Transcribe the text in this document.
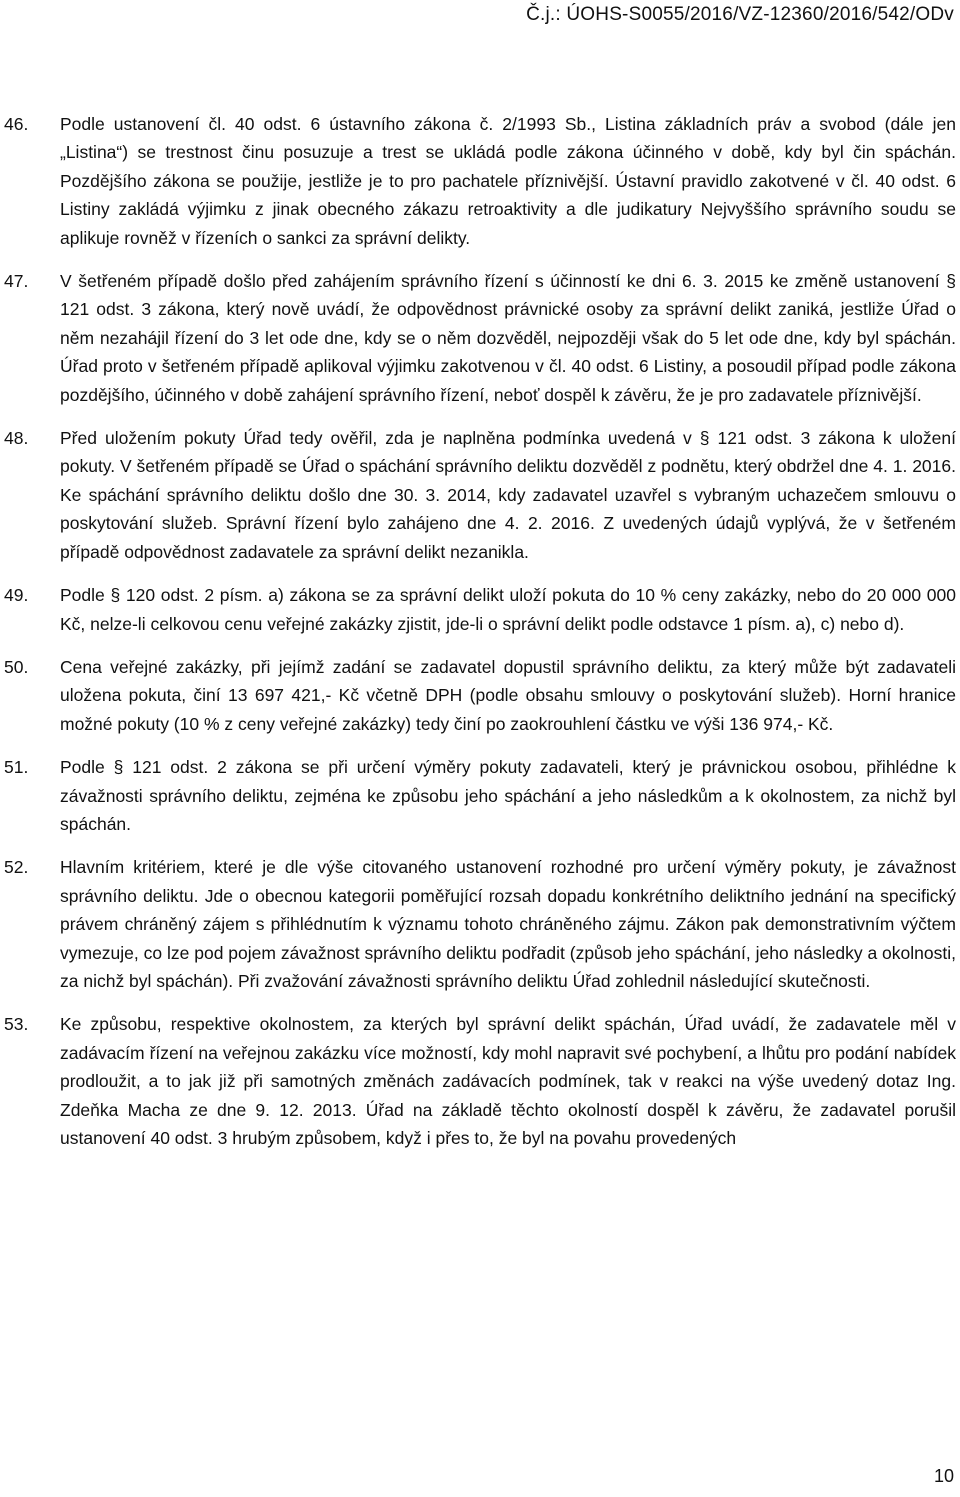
Č.j.: ÚOHS-S0055/2016/VZ-12360/2016/542/ODv
46.	Podle ustanovení čl. 40 odst. 6 ústavního zákona č. 2/1993 Sb., Listina základních práv a svobod (dále jen „Listina“) se trestnost činu posuzuje a trest se ukládá podle zákona účinného v době, kdy byl čin spáchán. Pozdějšího zákona se použije, jestliže je to pro pachatele příznivější. Ústavní pravidlo zakotvené v čl. 40 odst. 6 Listiny zakládá výjimku z jinak obecného zákazu retroaktivity a dle judikatury Nejvyššího správního soudu se aplikuje rovněž v řízeních o sankci za správní delikty.

47.	V šetřeném případě došlo před zahájením správního řízení s účinností ke dni 6. 3. 2015 ke změně ustanovení § 121 odst. 3 zákona, který nově uvádí, že odpovědnost právnické osoby za správní delikt zaniká, jestliže Úřad o něm nezahájil řízení do 3 let ode dne, kdy se o něm dozvěděl, nejpozději však do 5 let ode dne, kdy byl spáchán. Úřad proto v šetřeném případě aplikoval výjimku zakotvenou v čl. 40 odst. 6 Listiny, a posoudil případ podle zákona pozdějšího, účinného v době zahájení správního řízení, neboť dospěl k závěru, že je pro zadavatele příznivější.

48.	Před uložením pokuty Úřad tedy ověřil, zda je naplněna podmínka uvedená v § 121 odst. 3 zákona k uložení pokuty. V šetřeném případě se Úřad o spáchání správního deliktu dozvěděl z podnětu, který obdržel dne 4. 1. 2016. Ke spáchání správního deliktu došlo dne 30. 3. 2014, kdy zadavatel uzavřel s vybraným uchazečem smlouvu o poskytování služeb. Správní řízení bylo zahájeno dne 4. 2. 2016. Z uvedených údajů vyplývá, že v šetřeném případě odpovědnost zadavatele za správní delikt nezanikla.

49.	Podle § 120 odst. 2 písm. a) zákona se za správní delikt uloží pokuta do 10 % ceny zakázky, nebo do 20 000 000 Kč, nelze-li celkovou cenu veřejné zakázky zjistit, jde-li o správní delikt podle odstavce 1 písm. a), c) nebo d).

50.	Cena veřejné zakázky, při jejímž zadání se zadavatel dopustil správního deliktu, za který může být zadavateli uložena pokuta, činí 13 697 421,- Kč včetně DPH (podle obsahu smlouvy o poskytování služeb). Horní hranice možné pokuty (10 % z ceny veřejné zakázky) tedy činí po zaokrouhlení částku ve výši 136 974,- Kč.

51.	Podle § 121 odst. 2 zákona se při určení výměry pokuty zadavateli, který je právnickou osobou, přihlédne k závažnosti správního deliktu, zejména ke způsobu jeho spáchání a jeho následkům a k okolnostem, za nichž byl spáchán.

52.	Hlavním kritériem, které je dle výše citovaného ustanovení rozhodné pro určení výměry pokuty, je závažnost správního deliktu. Jde o obecnou kategorii poměřující rozsah dopadu konkrétního deliktního jednání na specifický právem chráněný zájem s přihlédnutím k významu tohoto chráněného zájmu. Zákon pak demonstrativním výčtem vymezuje, co lze pod pojem závažnost správního deliktu podřadit (způsob jeho spáchání, jeho následky a okolnosti, za nichž byl spáchán). Při zvažování závažnosti správního deliktu Úřad zohlednil následující skutečnosti.

53.	Ke způsobu, respektive okolnostem, za kterých byl správní delikt spáchán, Úřad uvádí, že zadavatele měl v zadávacím řízení na veřejnou zakázku více možností, kdy mohl napravit své pochybení, a lhůtu pro podání nabídek prodloužit, a to jak již při samotných změnách zadávacích podmínek, tak v reakci na výše uvedený dotaz Ing. Zdeňka Macha ze dne 9. 12. 2013. Úřad na základě těchto okolností dospěl k závěru, že zadavatel porušil ustanovení 40 odst. 3 hrubým způsobem, když i přes to, že byl na povahu provedených

10
